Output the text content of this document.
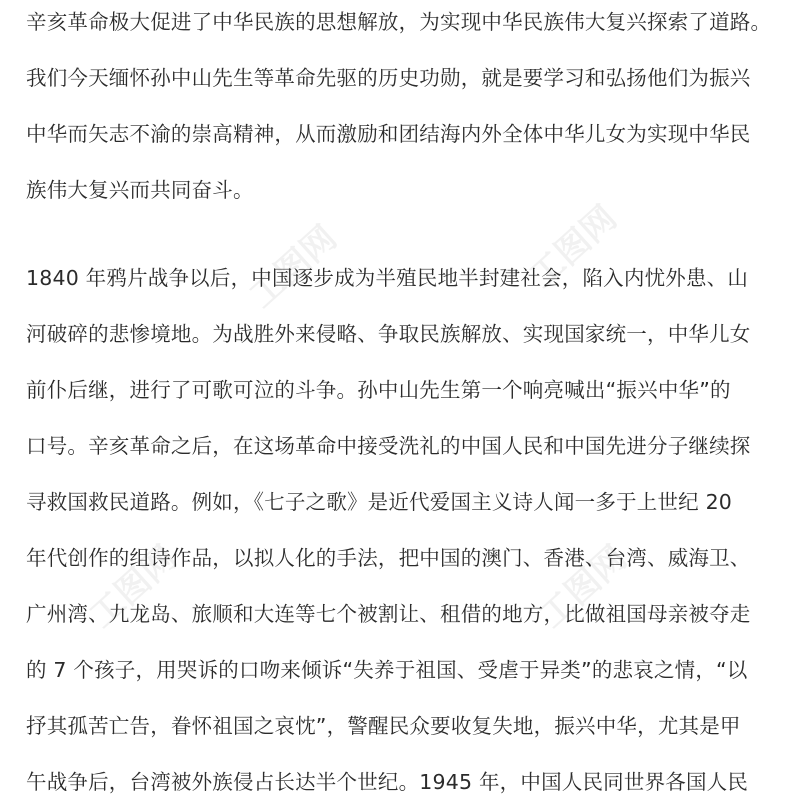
工图网	工图网
工图网	工图网
辛亥革命极大促进了中华民族的思想解放，为实现中华民族伟大复兴探索了道路。
我们今天缅怀孙中山先生等革命先驱的历史功勋，就是要学习和弘扬他们为振兴
中华而矢志不渝的崇高精神，从而激励和团结海内外全体中华儿女为实现中华民
族伟大复兴而共同奋斗。
1840 年鸦片战争以后，中国逐步成为半殖民地半封建社会，陷入内忧外患、山
河破碎的悲惨境地。为战胜外来侵略、争取民族解放、实现国家统一，中华儿女
前仆后继，进行了可歌可泣的斗争。孙中山先生第一个响亮喊出“振兴中华”的
口号。辛亥革命之后，在这场革命中接受洗礼的中国人民和中国先进分子继续探
寻救国救民道路。例如，《七子之歌》是近代爱国主义诗人闻一多于上世纪 20
年代创作的组诗作品，以拟人化的手法，把中国的澳门、香港、台湾、威海卫、
广州湾、九龙岛、旅顺和大连等七个被割让、租借的地方，比做祖国母亲被夺走
的 7 个孩子，用哭诉的口吻来倾诉“失养于祖国、受虐于异类”的悲哀之情，“以
抒其孤苦亡告，眷怀祖国之哀忱”，警醒民众要收复失地，振兴中华，尤其是甲
午战争后，台湾被外族侵占长达半个世纪。1945 年，中国人民同世界各国人民
